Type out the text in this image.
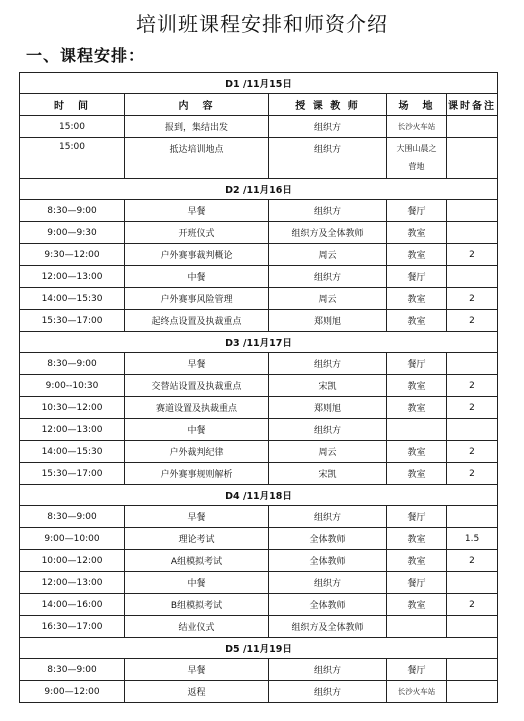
培训班课程安排和师资介绍
一、课程安排：
D1 /11月15日				
时　间	内　容	授 课 教 师	场　地	课时备注
15:00	报到，集结出发	组织方	长沙火车站	
15:00	抵达培训地点	组织方	大围山晨之营地	
D2 /11月16日				
8:30—9:00	早餐	组织方	餐厅	
9:00—9:30	开班仪式	组织方及全体教师	教室	
9:30—12:00	户外赛事裁判概论	周云	教室	2
12:00—13:00	中餐	组织方	餐厅	
14:00—15:30	户外赛事风险管理	周云	教室	2
15:30—17:00	起终点设置及执裁重点	郑则旭	教室	2
D3 /11月17日				
8:30—9:00	早餐	组织方	餐厅	
9:00--10:30	交替站设置及执裁重点	宋凯	教室	2
10:30—12:00	赛道设置及执裁重点	郑则旭	教室	2
12:00—13:00	中餐	组织方		
14:00—15:30	户外裁判纪律	周云	教室	2
15:30—17:00	户外赛事规则解析	宋凯	教室	2
D4 /11月18日				
8:30—9:00	早餐	组织方	餐厅	
9:00—10:00	理论考试	全体教师	教室	1.5
10:00—12:00	A组模拟考试	全体教师	教室	2
12:00—13:00	中餐	组织方	餐厅	
14:00—16:00	B组模拟考试	全体教师	教室	2
16:30—17:00	结业仪式	组织方及全体教师		
D5 /11月19日				
8:30—9:00	早餐	组织方	餐厅	
9:00—12:00	返程	组织方	长沙火车站	
